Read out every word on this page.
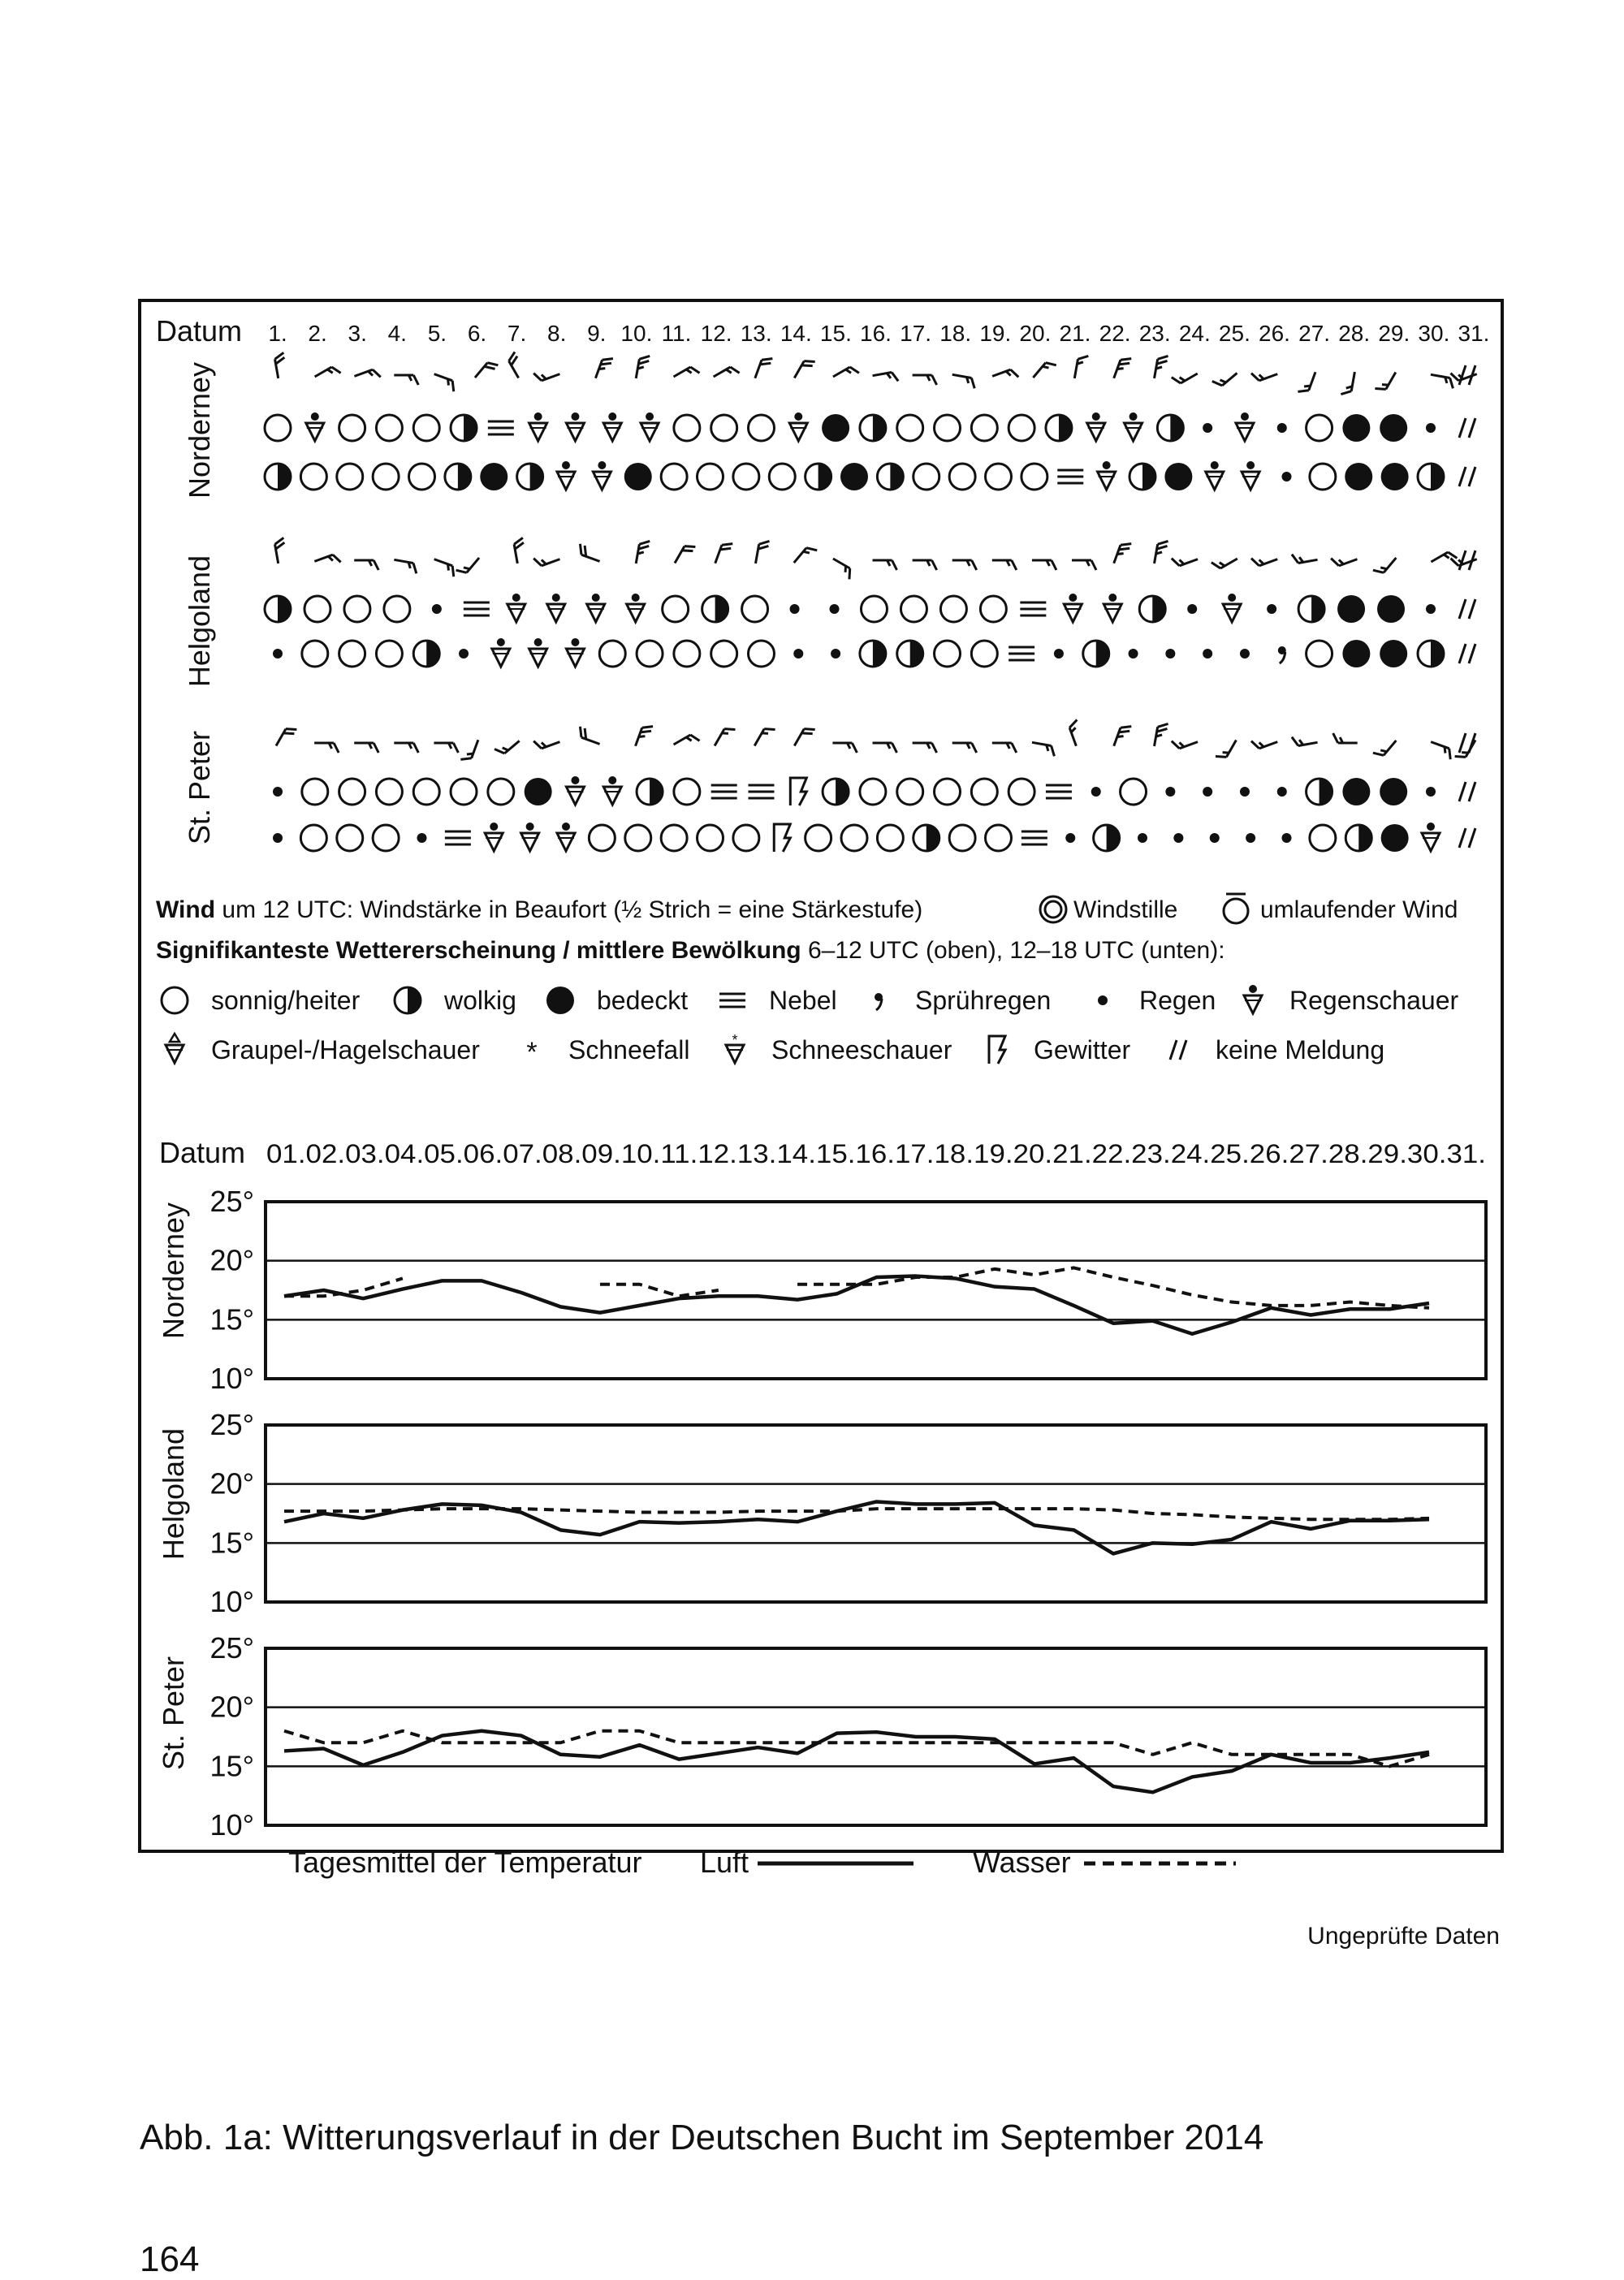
Datum 1. 2. 3. 4. 5. 6. 7. 8. 9. 10. 11. 12. 13. 14. 15. 16. 17. 18. 19. 20. 21. 22. 23. 24. 25. 26. 27. 28. 29. 30. 31.
Norderney
Helgoland
St. Peter
Wind um 12 UTC: Windstärke in Beaufort (½ Strich = eine Stärkestufe)	Windstille	umlaufender Wind
Signifikanteste Wettererscheinung / mittlere Bewölkung 6–12 UTC (oben), 12–18 UTC (unten):
sonnig/heiter	wolkig	bedeckt	Nebel	Sprühregen	Regen	Regenschauer
Graupel-/Hagelschauer * Schneefall	* Schneeschauer	Gewitter	keine Meldung
Datum 01.02.03.04.05.06.07.08.09.10.11.12.13.14.15.16.17.18.19.20.21.22.23.24.25.26.27.28.29.30.31.
25°
20°
15°
10°
Norderney
25°
20°
15°
10°
Helgoland
25°
20°
15°
10°
St. Peter
Tagesmittel der Temperatur Luft	Wasser
Ungeprüfte Daten
Abb. 1a: Witterungsverlauf in der Deutschen Bucht im September 2014
164
